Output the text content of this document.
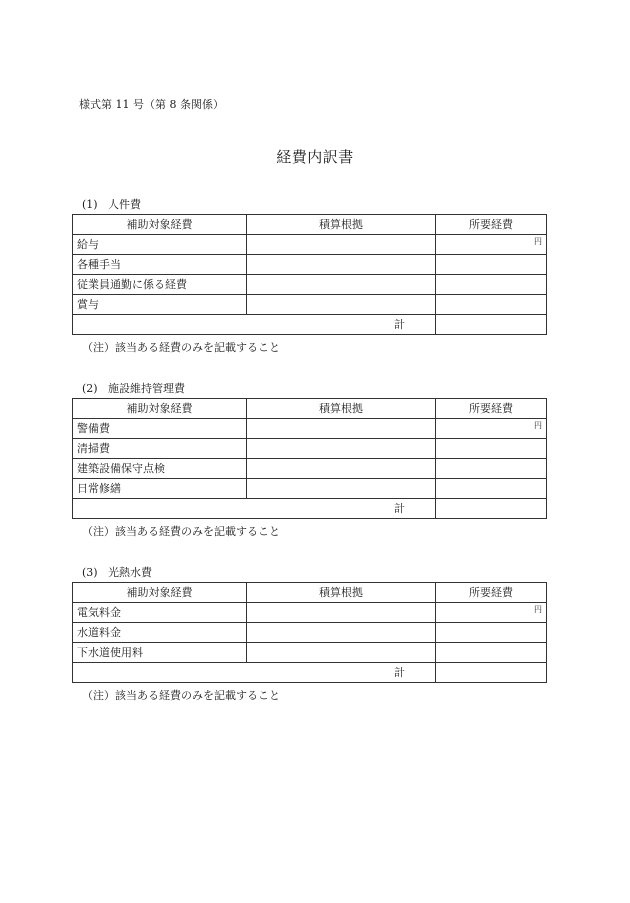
様式第 11 号（第 8 条関係）
経費内訳書
(1) 人件費
補助対象経費	積算根拠	所要経費
給与		円
各種手当		
従業員通勤に係る経費		
賞与		
計		
（注）該当ある経費のみを記載すること
(2) 施設維持管理費
補助対象経費	積算根拠	所要経費
警備費		円
清掃費		
建築設備保守点検		
日常修繕		
計		
（注）該当ある経費のみを記載すること
(3) 光熱水費
補助対象経費	積算根拠	所要経費
電気料金		円
水道料金		
下水道使用料		
計		
（注）該当ある経費のみを記載すること
